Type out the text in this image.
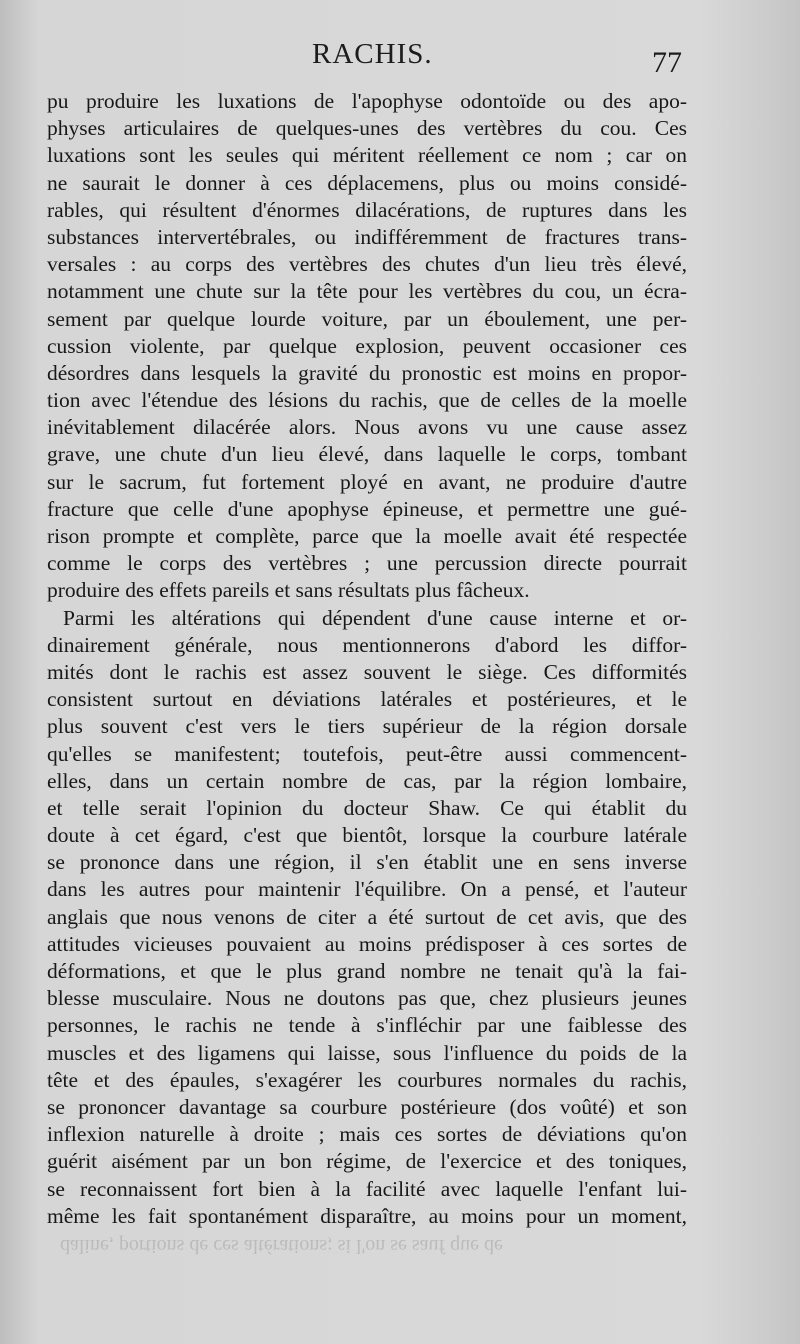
RACHIS.	77
pu produire les luxations de l'apophyse odontoïde ou des apo-
physes articulaires de quelques-unes des vertèbres du cou. Ces
luxations sont les seules qui méritent réellement ce nom ; car on
ne saurait le donner à ces déplacemens, plus ou moins considé-
rables, qui résultent d'énormes dilacérations, de ruptures dans les
substances intervertébrales, ou indifféremment de fractures trans-
versales : au corps des vertèbres des chutes d'un lieu très élevé,
notamment une chute sur la tête pour les vertèbres du cou, un écra-
sement par quelque lourde voiture, par un éboulement, une per-
cussion violente, par quelque explosion, peuvent occasioner ces
désordres dans lesquels la gravité du pronostic est moins en propor-
tion avec l'étendue des lésions du rachis, que de celles de la moelle
inévitablement dilacérée alors. Nous avons vu une cause assez
grave, une chute d'un lieu élevé, dans laquelle le corps, tombant
sur le sacrum, fut fortement ployé en avant, ne produire d'autre
fracture que celle d'une apophyse épineuse, et permettre une gué-
rison prompte et complète, parce que la moelle avait été respectée
comme le corps des vertèbres ; une percussion directe pourrait
produire des effets pareils et sans résultats plus fâcheux.
Parmi les altérations qui dépendent d'une cause interne et or-
dinairement générale, nous mentionnerons d'abord les diffor-
mités dont le rachis est assez souvent le siège. Ces difformités
consistent surtout en déviations latérales et postérieures, et le
plus souvent c'est vers le tiers supérieur de la région dorsale
qu'elles se manifestent; toutefois, peut-être aussi commencent-
elles, dans un certain nombre de cas, par la région lombaire,
et telle serait l'opinion du docteur Shaw. Ce qui établit du
doute à cet égard, c'est que bientôt, lorsque la courbure latérale
se prononce dans une région, il s'en établit une en sens inverse
dans les autres pour maintenir l'équilibre. On a pensé, et l'auteur
anglais que nous venons de citer a été surtout de cet avis, que des
attitudes vicieuses pouvaient au moins prédisposer à ces sortes de
déformations, et que le plus grand nombre ne tenait qu'à la fai-
blesse musculaire. Nous ne doutons pas que, chez plusieurs jeunes
personnes, le rachis ne tende à s'infléchir par une faiblesse des
muscles et des ligamens qui laisse, sous l'influence du poids de la
tête et des épaules, s'exagérer les courbures normales du rachis,
se prononcer davantage sa courbure postérieure (dos voûté) et son
inflexion naturelle à droite ; mais ces sortes de déviations qu'on
guérit aisément par un bon régime, de l'exercice et des toniques,
se reconnaissent fort bien à la facilité avec laquelle l'enfant lui-
même les fait spontanément disparaître, au moins pour un moment,
daline, portions de ces altérations; si l'on se sauf que de
